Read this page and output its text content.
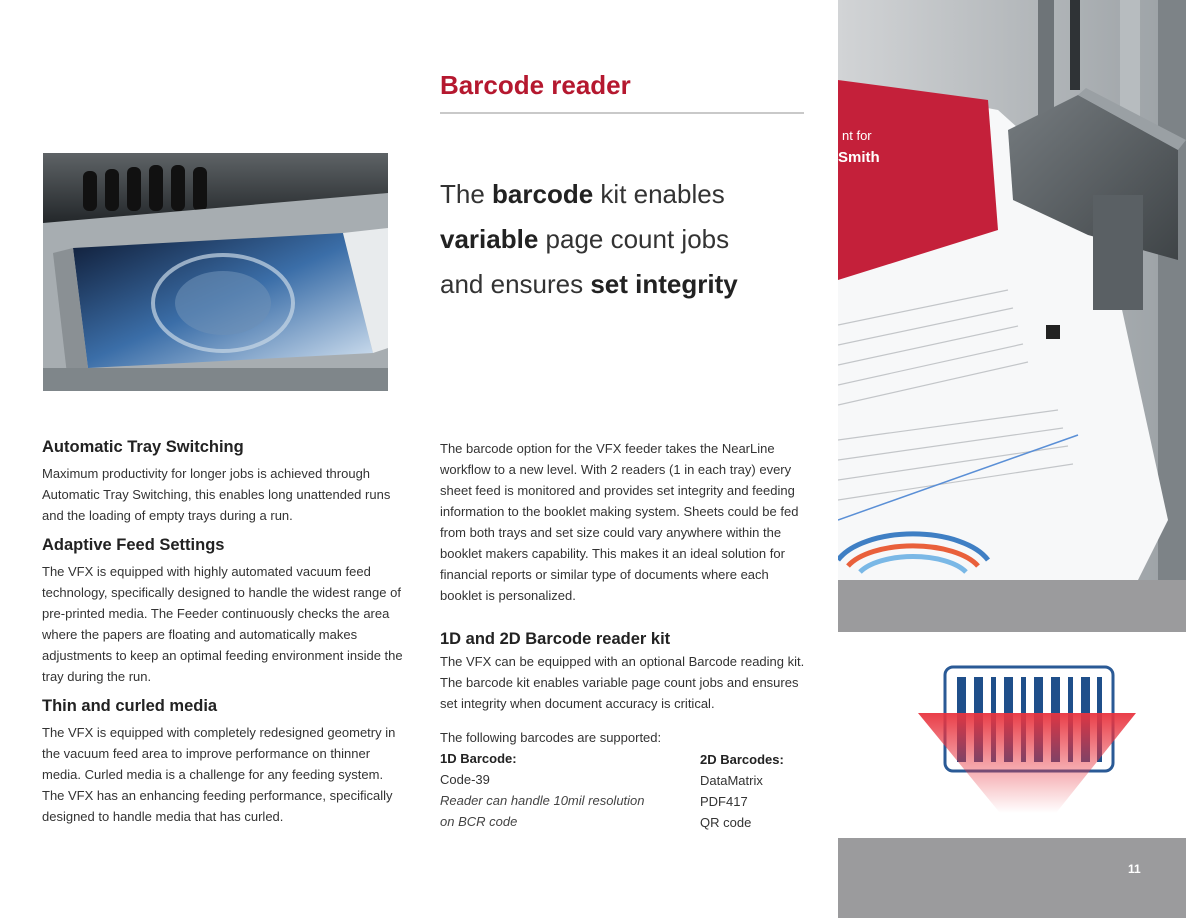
Barcode reader
The barcode kit enables
variable page count jobs
and ensures set integrity
Automatic Tray Switching

Maximum productivity for longer jobs is achieved through Automatic Tray Switching, this enables long unattended runs and the loading of empty trays during a run.

Adaptive Feed Settings

The VFX is equipped with highly automated vacuum feed technology, specifically designed to handle the widest range of pre-printed media. The Feeder continuously checks the area where the papers are floating and automatically makes adjustments to keep an optimal feeding environment inside the tray during the run.

Thin and curled media

The VFX is equipped with completely redesigned geometry in the vacuum feed area to improve performance on thinner media. Curled media is a challenge for any feeding system. The VFX has an enhancing feeding performance, specifically designed to handle media that has curled.

The barcode option for the VFX feeder takes the NearLine workflow to a new level. With 2 readers (1 in each tray) every sheet feed is monitored and provides set integrity and feeding information to the booklet making system. Sheets could be fed from both trays and set size could vary anywhere within the booklet makers capability. This makes it an ideal solution for financial reports or similar type of documents where each booklet is personalized.

1D and 2D Barcode reader kit

The VFX can be equipped with an optional Barcode reading kit. The barcode kit enables variable page count jobs and ensures set integrity when document accuracy is critical.

The following barcodes are supported:

1D Barcode:
Code-39
Reader can handle 10mil resolution
on BCR code
2D Barcodes:
DataMatrix
PDF417
QR code
nt for
Smith
11
